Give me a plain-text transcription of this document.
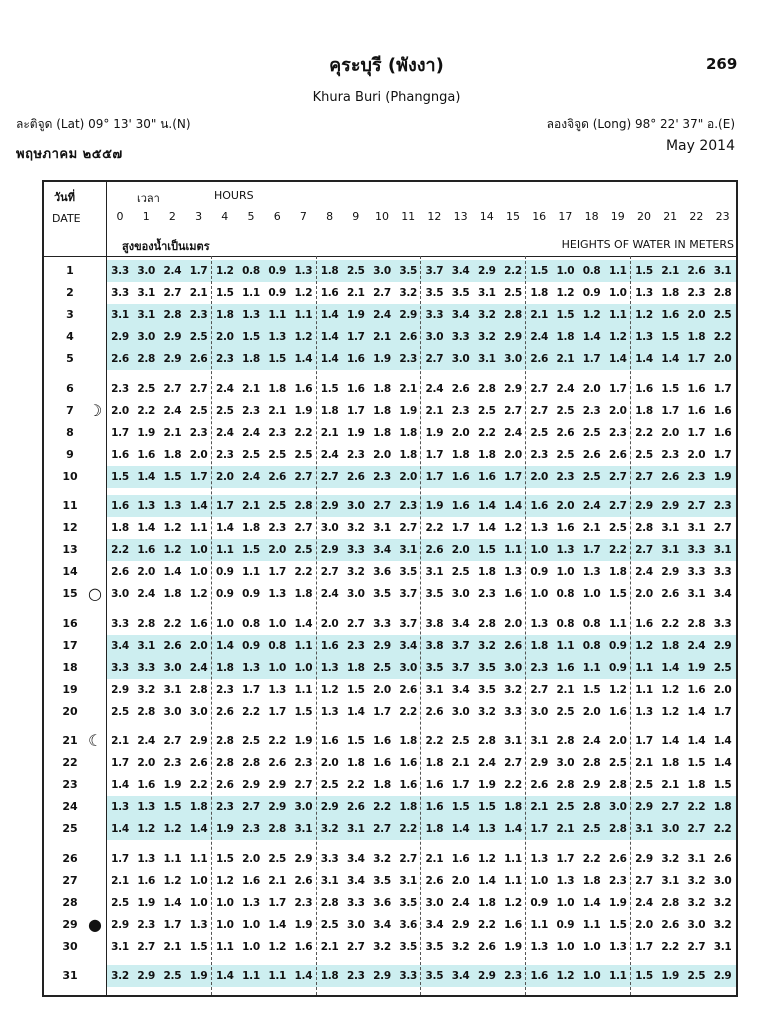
คุระบุรี (พังงา)	269
Khura Buri (Phangnga)
ละติจูด (Lat) 09° 13' 30" น.(N)	ลองจิจูด (Long) 98° 22' 37" อ.(E)
พฤษภาคม ๒๕๕๗
May 2014
วันที่
DATE
เวลา	HOURS
สูงของน้ำเป็นเมตร	HEIGHTS OF WATER IN METERS
1	3.3 3.0 2.4 1.7 1.2 0.8 0.9 1.3 1.8 2.5 3.0 3.5 3.7 3.4 2.9 2.2 1.5 1.0 0.8 1.1 1.5 2.1 2.6 3.1
2	3.3 3.1 2.7 2.1 1.5 1.1 0.9 1.2 1.6 2.1 2.7 3.2 3.5 3.5 3.1 2.5 1.8 1.2 0.9 1.0 1.3 1.8 2.3 2.8
3	3.1 3.1 2.8 2.3 1.8 1.3 1.1 1.1 1.4 1.9 2.4 2.9 3.3 3.4 3.2 2.8 2.1 1.5 1.2 1.1 1.2 1.6 2.0 2.5
4	2.9 3.0 2.9 2.5 2.0 1.5 1.3 1.2 1.4 1.7 2.1 2.6 3.0 3.3 3.2 2.9 2.4 1.8 1.4 1.2 1.3 1.5 1.8 2.2
5	2.6 2.8 2.9 2.6 2.3 1.8 1.5 1.4 1.4 1.6 1.9 2.3 2.7 3.0 3.1 3.0 2.6 2.1 1.7 1.4 1.4 1.4 1.7 2.0
6	2.3 2.5 2.7 2.7 2.4 2.1 1.8 1.6 1.5 1.6 1.8 2.1 2.4 2.6 2.8 2.9 2.7 2.4 2.0 1.7 1.6 1.5 1.6 1.7
7 ☽ 2.0 2.2 2.4 2.5 2.5 2.3 2.1 1.9 1.8 1.7 1.8 1.9 2.1 2.3 2.5 2.7 2.7 2.5 2.3 2.0 1.8 1.7 1.6 1.6
8	1.7 1.9 2.1 2.3 2.4 2.4 2.3 2.2 2.1 1.9 1.8 1.8 1.9 2.0 2.2 2.4 2.5 2.6 2.5 2.3 2.2 2.0 1.7 1.6
9	1.6 1.6 1.8 2.0 2.3 2.5 2.5 2.5 2.4 2.3 2.0 1.8 1.7 1.8 1.8 2.0 2.3 2.5 2.6 2.6 2.5 2.3 2.0 1.7
10	1.5 1.4 1.5 1.7 2.0 2.4 2.6 2.7 2.7 2.6 2.3 2.0 1.7 1.6 1.6 1.7 2.0 2.3 2.5 2.7 2.7 2.6 2.3 1.9
11	1.6 1.3 1.3 1.4 1.7 2.1 2.5 2.8 2.9 3.0 2.7 2.3 1.9 1.6 1.4 1.4 1.6 2.0 2.4 2.7 2.9 2.9 2.7 2.3
12	1.8 1.4 1.2 1.1 1.4 1.8 2.3 2.7 3.0 3.2 3.1 2.7 2.2 1.7 1.4 1.2 1.3 1.6 2.1 2.5 2.8 3.1 3.1 2.7
13	2.2 1.6 1.2 1.0 1.1 1.5 2.0 2.5 2.9 3.3 3.4 3.1 2.6 2.0 1.5 1.1 1.0 1.3 1.7 2.2 2.7 3.1 3.3 3.1
14	2.6 2.0 1.4 1.0 0.9 1.1 1.7 2.2 2.7 3.2 3.6 3.5 3.1 2.5 1.8 1.3 0.9 1.0 1.3 1.8 2.4 2.9 3.3 3.3
15 ○ 3.0 2.4 1.8 1.2 0.9 0.9 1.3 1.8 2.4 3.0 3.5 3.7 3.5 3.0 2.3 1.6 1.0 0.8 1.0 1.5 2.0 2.6 3.1 3.4
16	3.3 2.8 2.2 1.6 1.0 0.8 1.0 1.4 2.0 2.7 3.3 3.7 3.8 3.4 2.8 2.0 1.3 0.8 0.8 1.1 1.6 2.2 2.8 3.3
17	3.4 3.1 2.6 2.0 1.4 0.9 0.8 1.1 1.6 2.3 2.9 3.4 3.8 3.7 3.2 2.6 1.8 1.1 0.8 0.9 1.2 1.8 2.4 2.9
18	3.3 3.3 3.0 2.4 1.8 1.3 1.0 1.0 1.3 1.8 2.5 3.0 3.5 3.7 3.5 3.0 2.3 1.6 1.1 0.9 1.1 1.4 1.9 2.5
19	2.9 3.2 3.1 2.8 2.3 1.7 1.3 1.1 1.2 1.5 2.0 2.6 3.1 3.4 3.5 3.2 2.7 2.1 1.5 1.2 1.1 1.2 1.6 2.0
20	2.5 2.8 3.0 3.0 2.6 2.2 1.7 1.5 1.3 1.4 1.7 2.2 2.6 3.0 3.2 3.3 3.0 2.5 2.0 1.6 1.3 1.2 1.4 1.7
21 ☾ 2.1 2.4 2.7 2.9 2.8 2.5 2.2 1.9 1.6 1.5 1.6 1.8 2.2 2.5 2.8 3.1 3.1 2.8 2.4 2.0 1.7 1.4 1.4 1.4
22	1.7 2.0 2.3 2.6 2.8 2.8 2.6 2.3 2.0 1.8 1.6 1.6 1.8 2.1 2.4 2.7 2.9 3.0 2.8 2.5 2.1 1.8 1.5 1.4
23	1.4 1.6 1.9 2.2 2.6 2.9 2.9 2.7 2.5 2.2 1.8 1.6 1.6 1.7 1.9 2.2 2.6 2.8 2.9 2.8 2.5 2.1 1.8 1.5
24	1.3 1.3 1.5 1.8 2.3 2.7 2.9 3.0 2.9 2.6 2.2 1.8 1.6 1.5 1.5 1.8 2.1 2.5 2.8 3.0 2.9 2.7 2.2 1.8
25	1.4 1.2 1.2 1.4 1.9 2.3 2.8 3.1 3.2 3.1 2.7 2.2 1.8 1.4 1.3 1.4 1.7 2.1 2.5 2.8 3.1 3.0 2.7 2.2
26	1.7 1.3 1.1 1.1 1.5 2.0 2.5 2.9 3.3 3.4 3.2 2.7 2.1 1.6 1.2 1.1 1.3 1.7 2.2 2.6 2.9 3.2 3.1 2.6
27	2.1 1.6 1.2 1.0 1.2 1.6 2.1 2.6 3.1 3.4 3.5 3.1 2.6 2.0 1.4 1.1 1.0 1.3 1.8 2.3 2.7 3.1 3.2 3.0
28	2.5 1.9 1.4 1.0 1.0 1.3 1.7 2.3 2.8 3.3 3.6 3.5 3.0 2.4 1.8 1.2 0.9 1.0 1.4 1.9 2.4 2.8 3.2 3.2
29 ● 2.9 2.3 1.7 1.3 1.0 1.0 1.4 1.9 2.5 3.0 3.4 3.6 3.4 2.9 2.2 1.6 1.1 0.9 1.1 1.5 2.0 2.6 3.0 3.2
30	3.1 2.7 2.1 1.5 1.1 1.0 1.2 1.6 2.1 2.7 3.2 3.5 3.5 3.2 2.6 1.9 1.3 1.0 1.0 1.3 1.7 2.2 2.7 3.1
31	3.2 2.9 2.5 1.9 1.4 1.1 1.1 1.4 1.8 2.3 2.9 3.3 3.5 3.4 2.9 2.3 1.6 1.2 1.0 1.1 1.5 1.9 2.5 2.9
0	1	2	3	4	5	6	7	8	9	10	11	12	13	14	15	16	17	18	19	20	21	22	23
